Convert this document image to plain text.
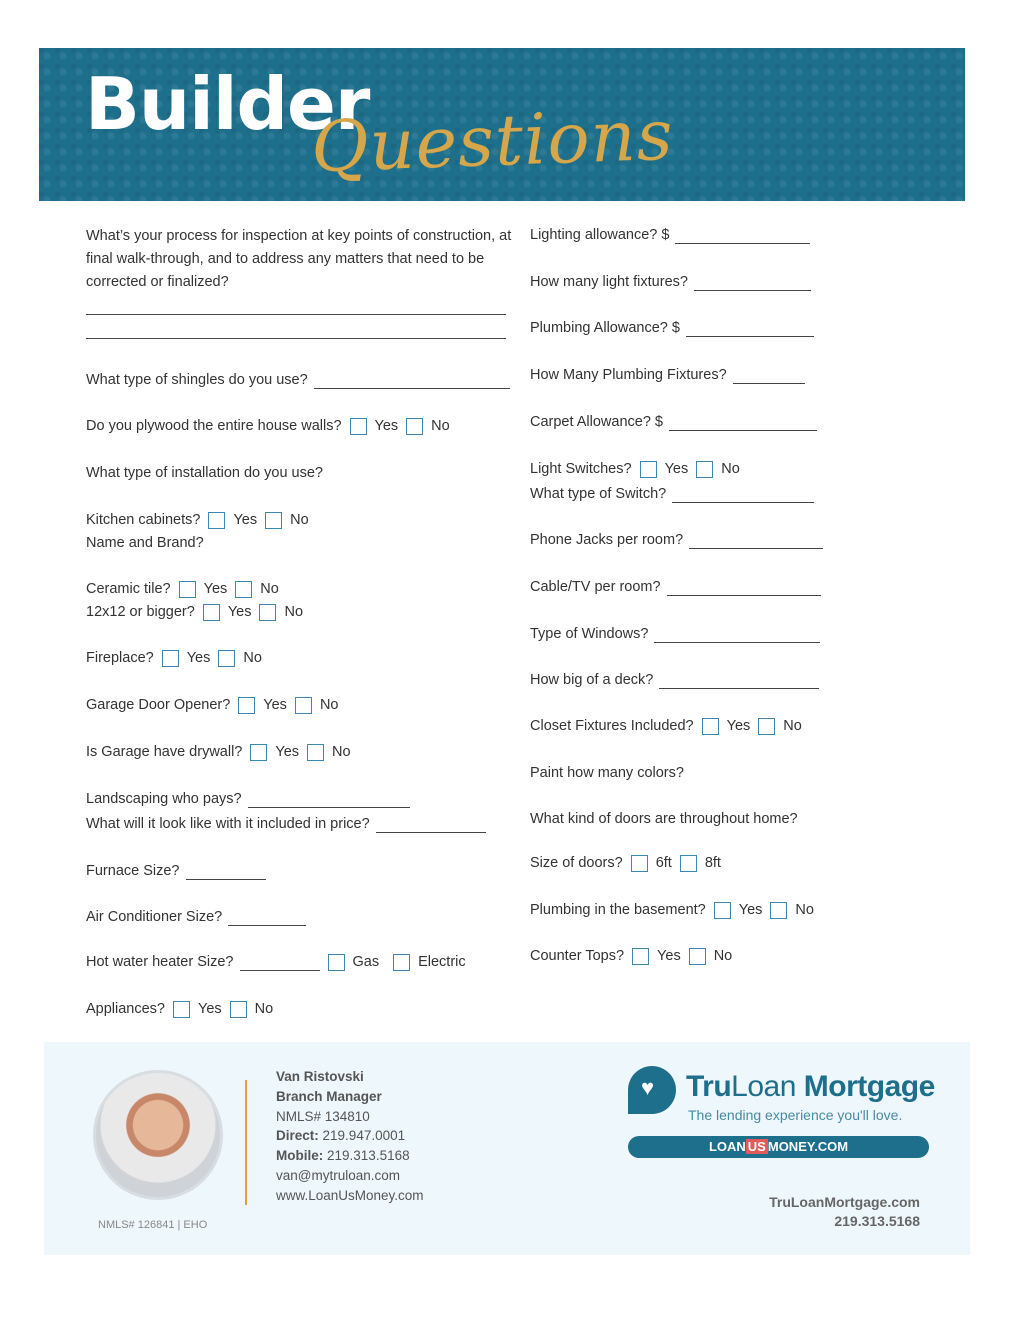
Builder
Questions
What’s your process for inspection at key points of construction, at final walk-through, and to address any matters that need to be corrected or finalized?
What type of shingles do you use?
Do you plywood the entire house walls? Yes No
What type of installation do you use?
Kitchen cabinets? Yes No
Name and Brand?
Ceramic tile? Yes No
12x12 or bigger? Yes No
Fireplace? Yes No
Garage Door Opener? Yes No
Is Garage have drywall? Yes No
Landscaping who pays?
What will it look like with it included in price?
Furnace Size?
Air Conditioner Size?
Hot water heater Size?	Gas	Electric
Appliances? Yes No
Lighting allowance? $
How many light fixtures?
Plumbing Allowance? $
How Many Plumbing Fixtures?
Carpet Allowance? $
Light Switches? Yes No
What type of Switch?
Phone Jacks per room?
Cable/TV per room?
Type of Windows?
How big of a deck?
Closet Fixtures Included? Yes No
Paint how many colors?
What kind of doors are throughout home?
Size of doors? 6ft 8ft
Plumbing in the basement? Yes No
Counter Tops? Yes No
Van Ristovski
Branch Manager
NMLS# 134810
Direct: 219.947.0001
Mobile: 219.313.5168
van@mytruloan.com
www.LoanUsMoney.com
♥ TruLoan Mortgage
The lending experience you'll love.
LOAN US MONEY.COM
TruLoanMortgage.com
219.313.5168
NMLS# 126841 | EHO
